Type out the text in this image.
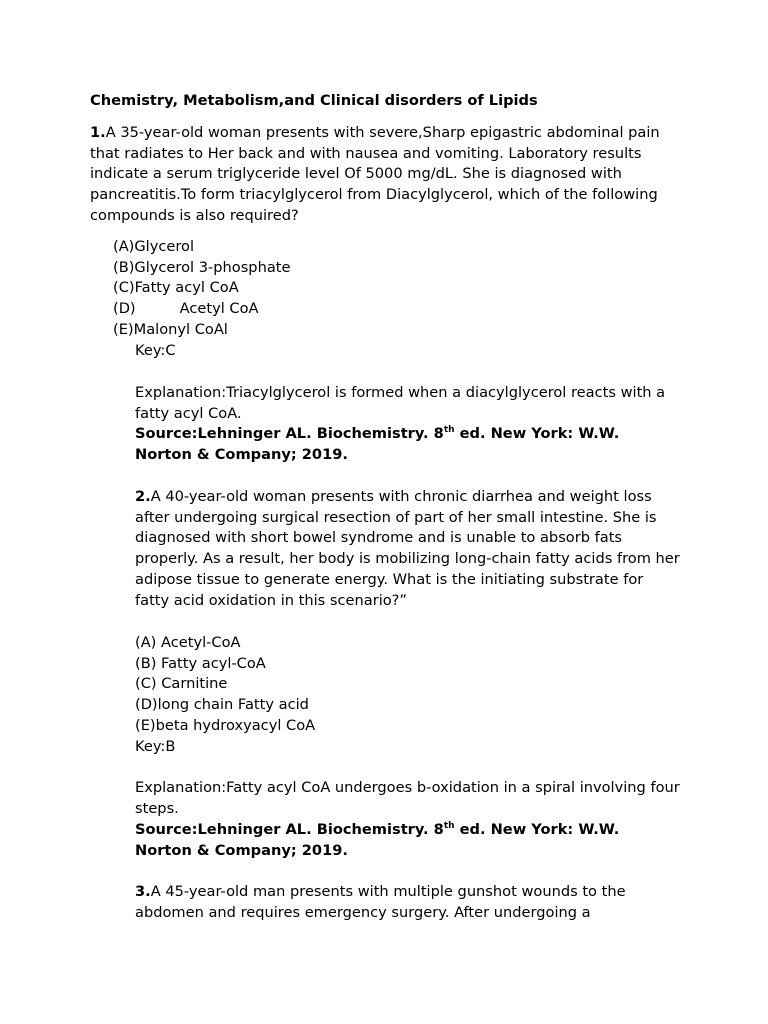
Chemistry, Metabolism,and Clinical disorders of Lipids
1.A 35-year-old woman presents with severe,Sharp epigastric abdominal pain that radiates to Her back and with nausea and vomiting. Laboratory results indicate a serum triglyceride level Of 5000 mg/dL. She is diagnosed with pancreatitis.To form triacylglycerol from Diacylglycerol, which of the following compounds is also required?
(A) Glycerol
(B) Glycerol 3-phosphate
(C) Fatty acyl CoA
(D)	Acetyl CoA
(E) Malonyl CoAl
Key:C
Explanation:Triacylglycerol is formed when a diacylglycerol reacts with a fatty acyl CoA.
Source:Lehninger AL. Biochemistry. 8th ed. New York: W.W.
Norton & Company; 2019.
2.A 40-year-old woman presents with chronic diarrhea and weight loss after undergoing surgical resection of part of her small intestine. She is diagnosed with short bowel syndrome and is unable to absorb fats properly. As a result, her body is mobilizing long-chain fatty acids from her adipose tissue to generate energy. What is the initiating substrate for fatty acid oxidation in this scenario?”
(A) Acetyl-CoA
(B) Fatty acyl-CoA
(C) Carnitine
(D)long chain Fatty acid
(E)beta hydroxyacyl CoA
Key:B
Explanation:Fatty acyl CoA undergoes b-oxidation in a spiral involving four steps.
Source:Lehninger AL. Biochemistry. 8th ed. New York: W.W.
Norton & Company; 2019.
3.A 45-year-old man presents with multiple gunshot wounds to the
abdomen and requires emergency surgery. After undergoing a
